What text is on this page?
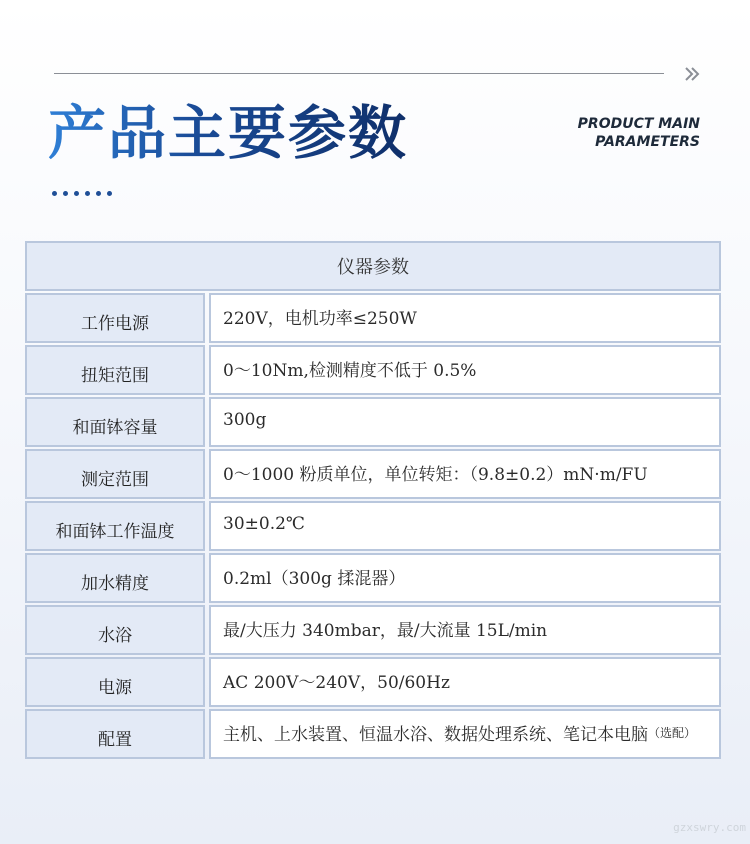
产品主要参数	PRODUCT MAIN
PARAMETERS
仪器参数
工作电源	220V，电机功率≤250W
扭矩范围	0～10Nm,检测精度不低于 0.5%
和面钵容量	300g
测定范围	0～1000 粉质单位，单位转矩：（9.8±0.2）mN·m/FU
和面钵工作温度	30±0.2℃
加水精度	0.2ml（300g 揉混器）
水浴	最/大压力 340mbar，最/大流量 15L/min
电源	AC 200V～240V，50/60Hz
配置	主机、上水装置、恒温水浴、数据处理系统、笔记本电脑 （选配）
gzxswry.com
